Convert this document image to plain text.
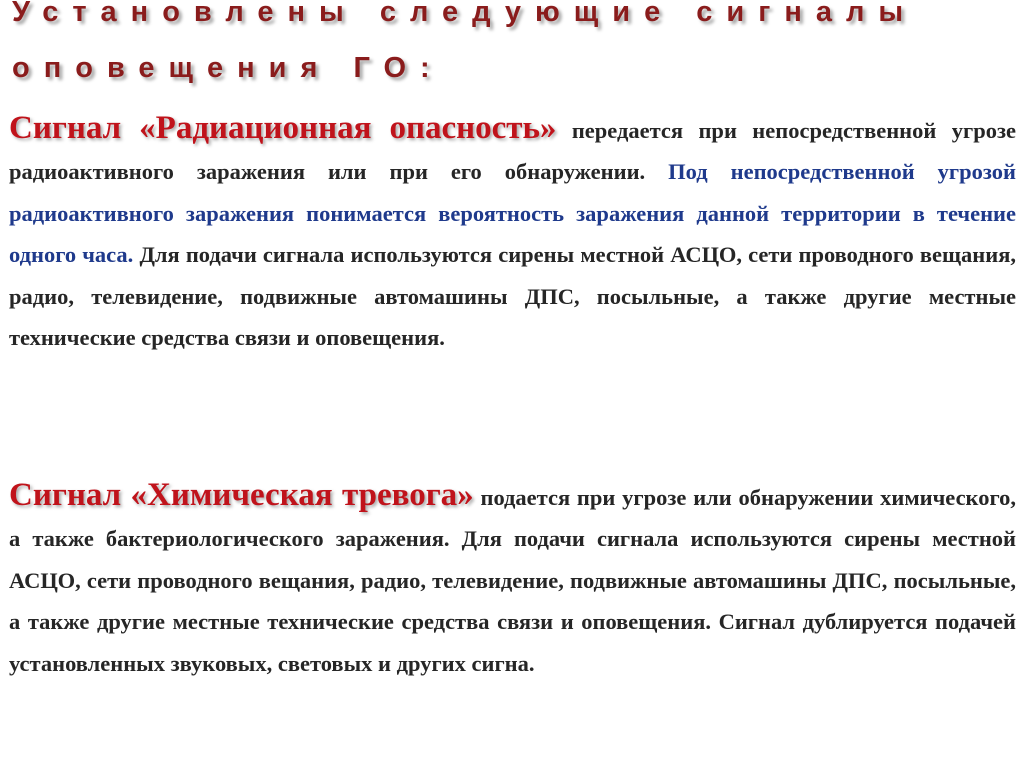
Установлены следующие сигналы
оповещения ГО:

Сигнал «Радиационная опасность» передается при непосредственной угрозе радиоактивного заражения или при его обнаружении. Под непосредственной угрозой радиоактивного заражения понимается вероятность заражения данной территории в течение одного часа. Для подачи сигнала используются сирены местной АСЦО, сети проводного вещания, радио, телевидение, подвижные автомашины ДПС, посыльные, а также другие местные технические средства связи и оповещения.

Сигнал «Химическая тревога» подается при угрозе или обнаружении химического, а также бактериологического заражения. Для подачи сигнала используются сирены местной АСЦО, сети проводного вещания, радио, телевидение, подвижные автомашины ДПС, посыльные, а также другие местные технические средства связи и оповещения. Сигнал дублируется подачей установленных звуковых, световых и других сигна.
